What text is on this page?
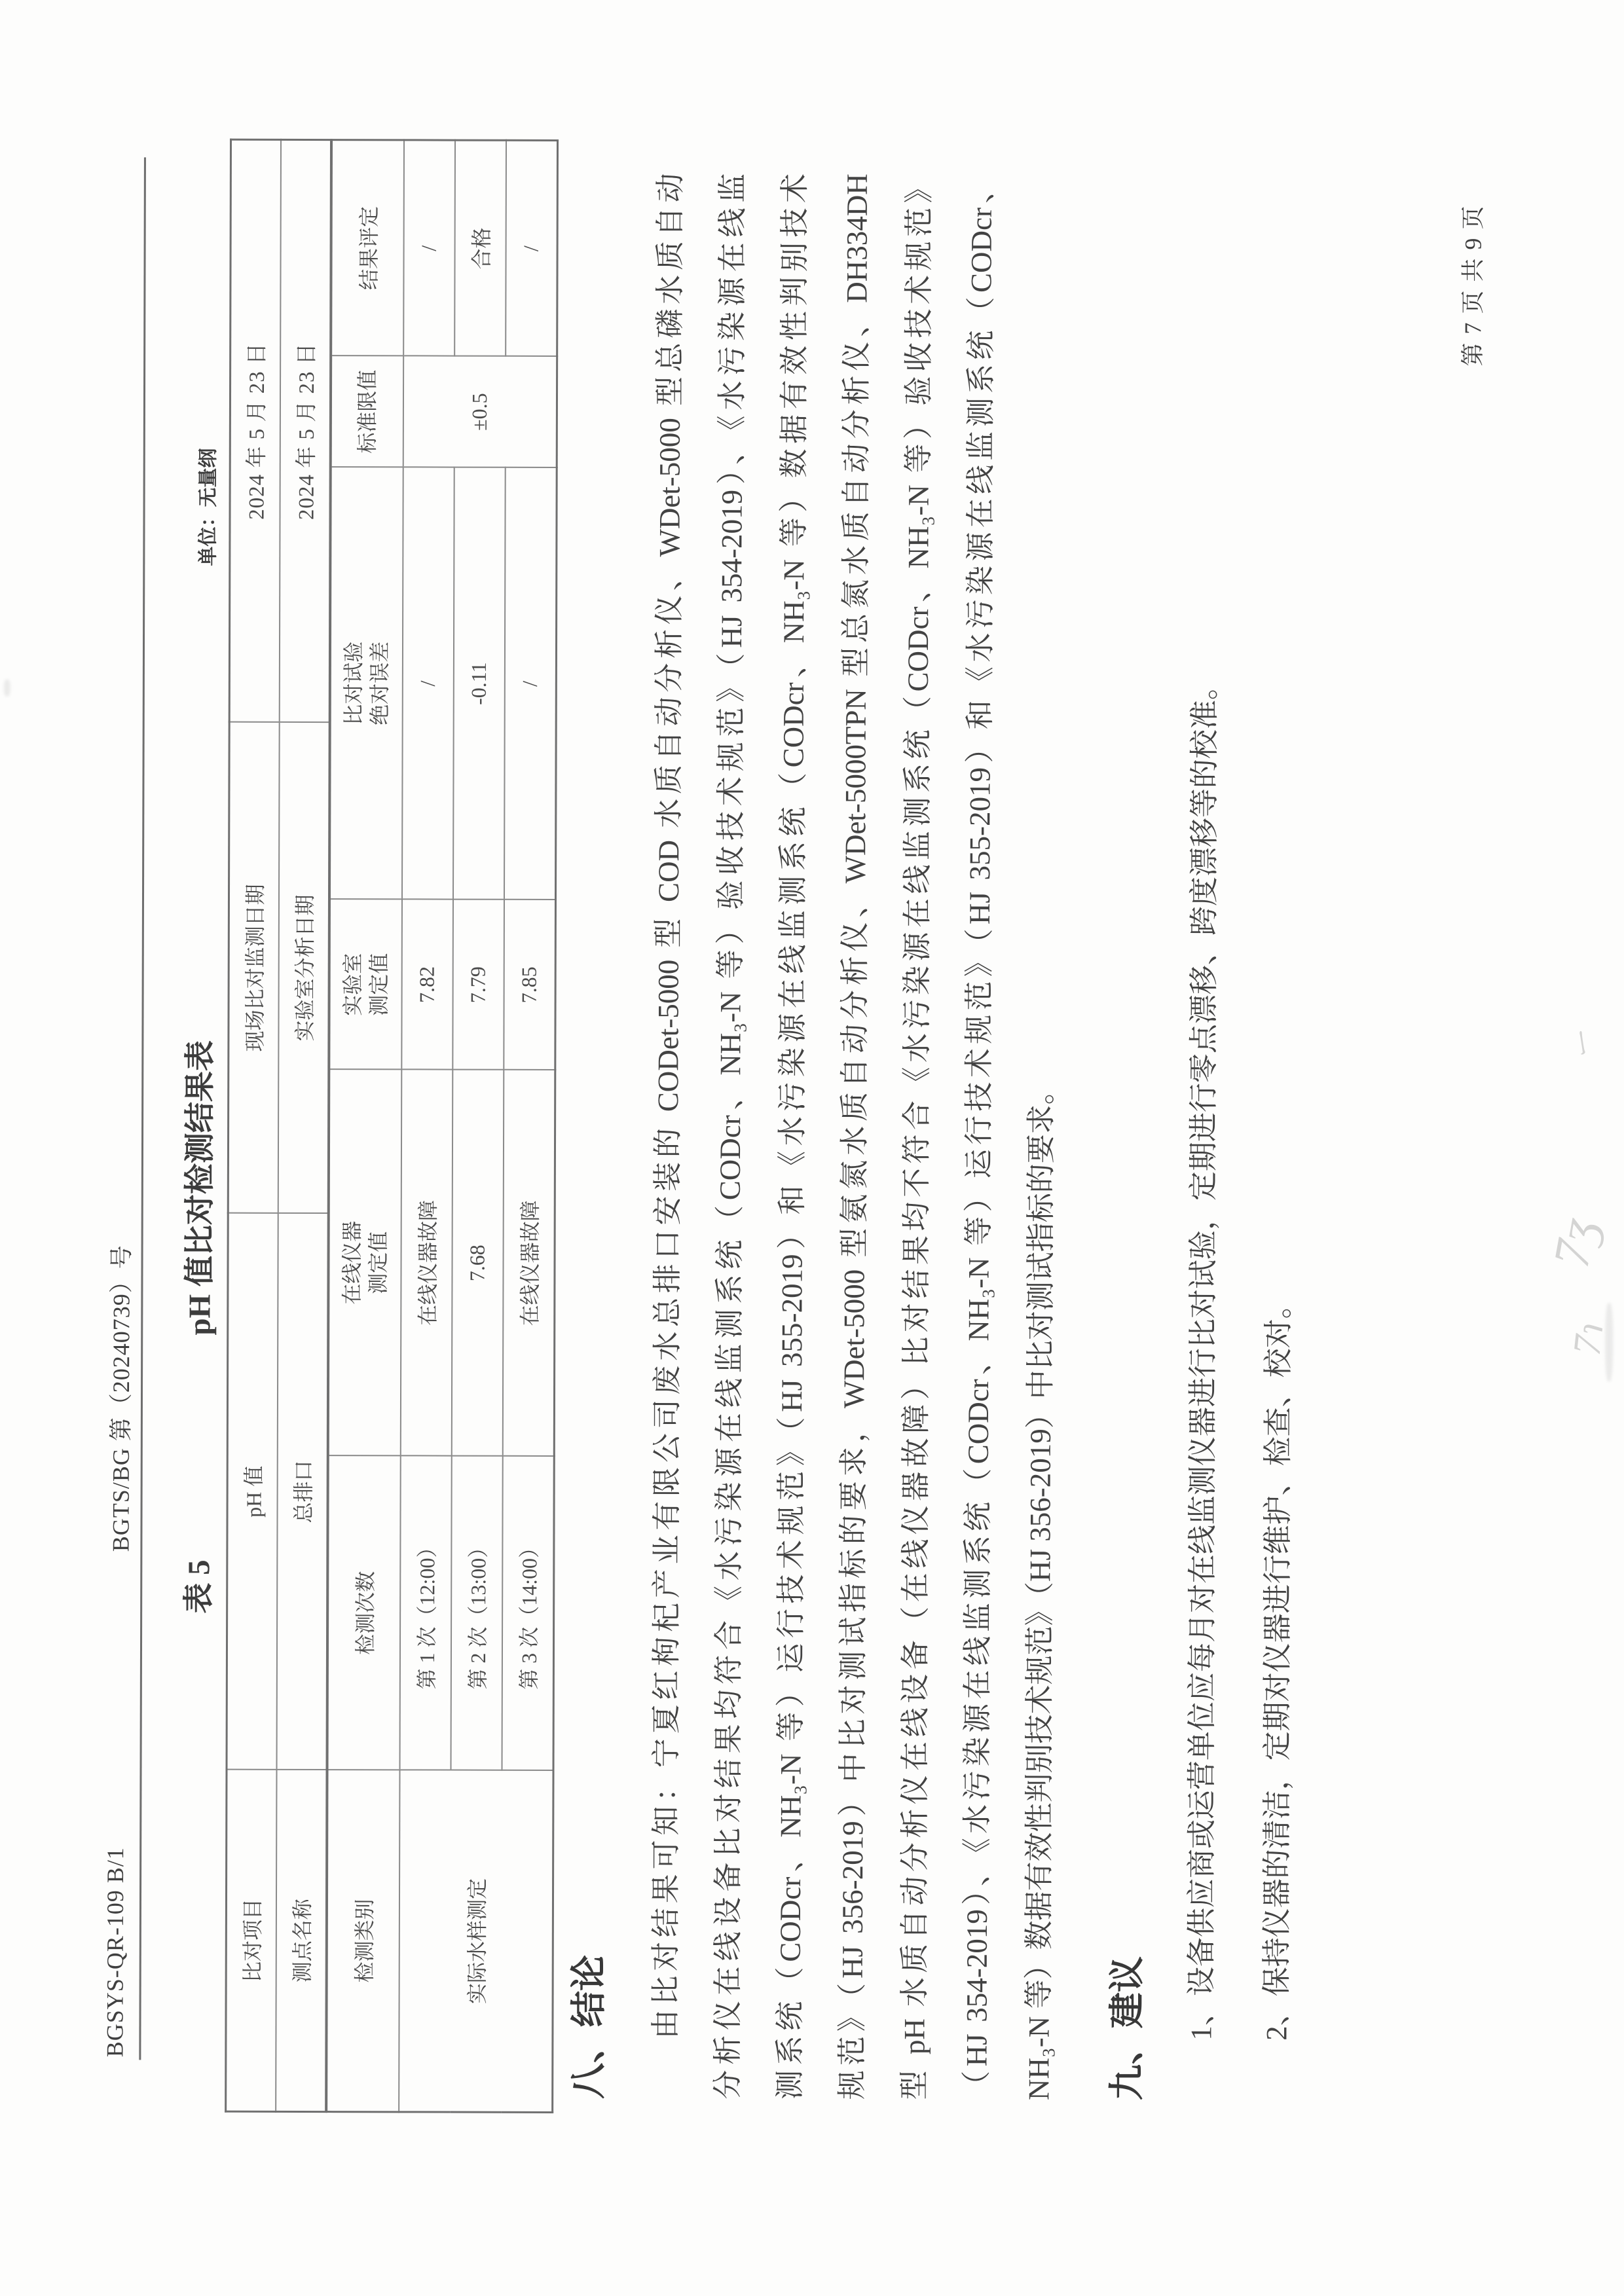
BGSYS-QR-109 B/1
BGTS/BG 第（20240739）号
表 5
pH 值比对检测结果表
单位：无量纲
比对项目	pH 值	现场比对监测日期	2024 年 5 月 23 日
测点名称	总排口	实验室分析日期	2024 年 5 月 23 日
检测类别	检测次数	在线仪器测定值	实验室测定值	比对试验绝对误差	标准限值	结果评定
实际水样测定	第 1 次（12:00）	在线仪器故障	7.82	/	±0.5	/
	第 2 次（13:00）	7.68	7.79	-0.11		合格
	第 3 次（14:00）	在线仪器故障	7.85	/		/
八、结论	由比对结果可知：宁夏红枸杞产业有限公司废水总排口安装的 CODet-5000 型 COD 水质自动分析仪、WDet-5000 型总磷水质自动 分析仪在线设备比对结果均符合《水污染源在线监测系统（CODcr、NH₃-N 等）验收技术规范》（HJ 354-2019）、《水污染源在线监 测系统（CODcr、NH₃-N 等）运行技术规范》（HJ 355-2019）和《水污染源在线监测系统（CODcr、NH₃-N 等）数据有效性判别技术 规范》（HJ 356-2019）中比对测试指标的要求，WDet-5000 型氨氮水质自动分析仪、WDet-5000TPN 型总氮水质自动分析仪、DH334DH 型 pH 水质自动分析仪在线设备（在线仪器故障）比对结果均不符合《水污染源在线监测系统（CODcr、NH₃-N 等）验收技术规范》 （HJ 354-2019）、《水污染源在线监测系统（CODcr、NH₃-N 等）运行技术规范》（HJ 355-2019）和《水污染源在线监测系统（CODcr、 NH₃-N 等）数据有效性判别技术规范》（HJ 356-2019）中比对测试指标的要求。	九、建议	1、设备供应商或运营单位应每月对在线监测仪器进行比对试验，定期进行零点漂移、跨度漂移等的校准。	2、保持仪器的清洁，定期对仪器进行维护、检查、校对。
第 7 页 共 9 页
7ʒ
7ɿ
ー
